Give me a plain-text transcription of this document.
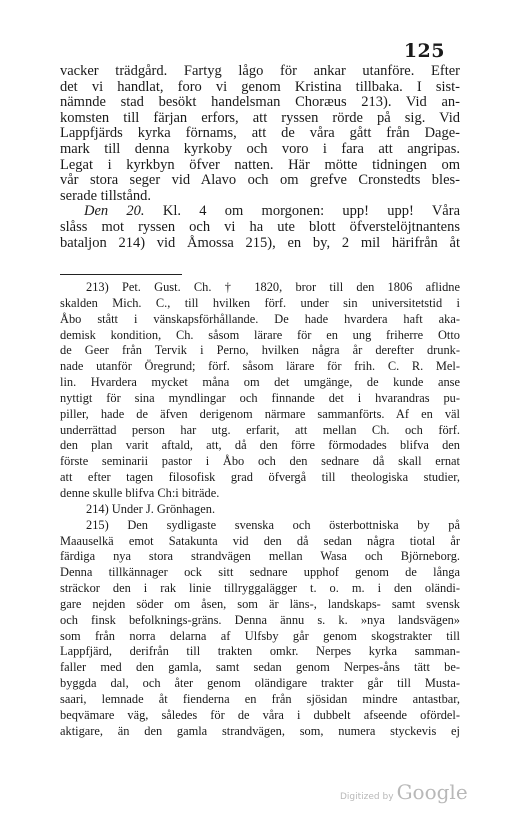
125
vacker trädgård. Fartyg lågo för ankar utanföre. Efter
det vi handlat, foro vi genom Kristina tillbaka. I sist-
nämnde stad besökt handelsman Choræus 213). Vid an-
komsten till färjan erfors, att ryssen rörde på sig. Vid
Lappfjärds kyrka förnams, att de våra gått från Dage-
mark till denna kyrkoby och voro i fara att angripas.
Legat i kyrkbyn öfver natten. Här mötte tidningen om
vår stora seger vid Alavo och om grefve Cronstedts bles-
serade tillstånd.
Den 20. Kl. 4 om morgonen: upp! upp! Våra
slåss mot ryssen och vi ha ute blott öfverstelöjtnantens
bataljon 214) vid Åmossa 215), en by, 2 mil härifrån åt
213) Pet. Gust. Ch. † 1820, bror till den 1806 aflidne
skalden Mich. C., till hvilken förf. under sin universitetstid i
Åbo stått i vänskapsförhållande. De hade hvardera haft aka-
demisk kondition, Ch. såsom lärare för en ung friherre Otto
de Geer från Tervik i Perno, hvilken några år derefter drunk-
nade utanför Öregrund; förf. såsom lärare för frih. C. R. Mel-
lin. Hvardera mycket måna om det umgänge, de kunde anse
nyttigt för sina myndlingar och finnande det i hvarandras pu-
piller, hade de äfven derigenom närmare sammanförts. Af en väl
underrättad person har utg. erfarit, att mellan Ch. och förf.
den plan varit aftald, att, då den förre förmodades blifva den
förste seminarii pastor i Åbo och den sednare då skall ernat
att efter tagen filosofisk grad öfvergå till theologiska studier,
denne skulle blifva Ch:i biträde.
214) Under J. Grönhagen.
215) Den sydligaste svenska och österbottniska by på
Maauselkä emot Satakunta vid den då sedan några tiotal år
färdiga nya stora strandvägen mellan Wasa och Björneborg.
Denna tillkännager ock sitt sednare upphof genom de långa
sträckor den i rak linie tillryggalägger t. o. m. i den oländi-
gare nejden söder om åsen, som är läns-, landskaps- samt svensk
och finsk befolknings-gräns. Denna ännu s. k. »nya landsvägen»
som från norra delarna af Ulfsby går genom skogstrakter till
Lappfjärd, derifrån till trakten omkr. Nerpes kyrka samman-
faller med den gamla, samt sedan genom Nerpes-åns tätt be-
byggda dal, och åter genom oländigare trakter går till Musta-
saari, lemnade åt fienderna en från sjösidan mindre antastbar,
beqvämare väg, således för de våra i dubbelt afseende ofördel-
aktigare, än den gamla strandvägen, som, numera styckevis ej
Digitized by Google
